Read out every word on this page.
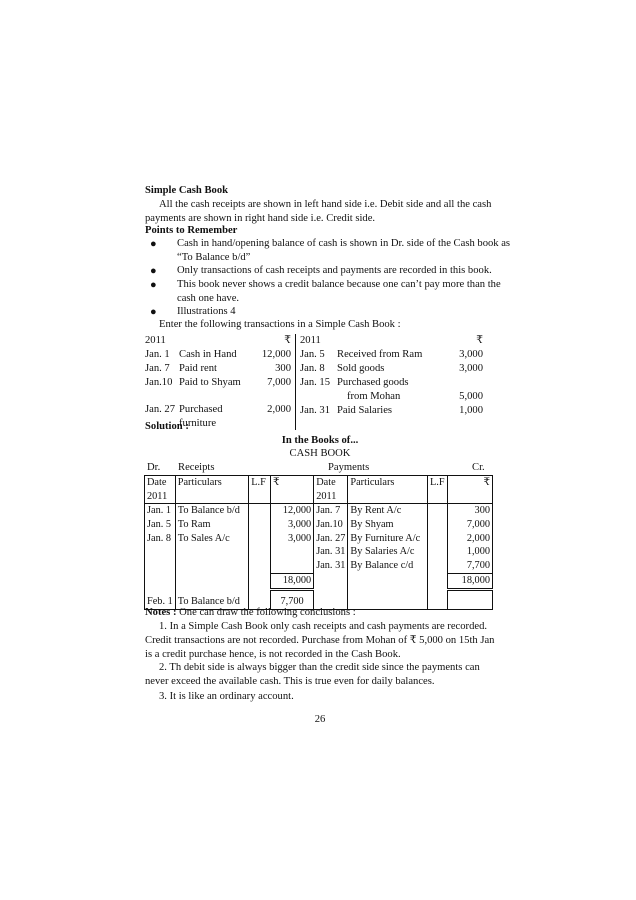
Simple Cash Book
All the cash receipts are shown in left hand side i.e. Debit side and all the cash payments are shown in right hand side i.e. Credit side.
Points to Remember
● Cash in hand/opening balance of cash is shown in Dr. side of the Cash book as “To Balance b/d”
● Only transactions of cash receipts and payments are recorded in this book.
● This book never shows a credit balance because one can’t pay more than the cash one have.
● Illustrations 4
Enter the following transactions in a Simple Cash Book :
2011		₹
Jan. 1	Cash in Hand	12,000
Jan. 7	Paid rent	300
Jan.10	Paid to Shyam	7,000

Jan. 27	Purchased	2,000
	furniture	
2011		₹
Jan. 5	Received from Ram	3,000
Jan. 8	Sold goods	3,000
Jan. 15	Purchased goods	
	from Mohan	5,000
Jan. 31	Paid Salaries	1,000
Solution :
In the Books of...
CASH BOOK
Dr. Receipts	Payments	Cr.
Date	Particulars	L.F	₹	Date	Particulars	L.F	₹
2011				2011			
Jan. 1	To Balance b/d		12,000	Jan. 7	By Rent A/c		300
Jan. 5	To Ram		3,000	Jan.10	By Shyam		7,000
Jan. 8	To Sales A/c		3,000	Jan. 27	By Furniture A/c		2,000
				Jan. 31	By Salaries A/c		1,000
				Jan. 31	By Balance c/d		7,700
			18,000				18,000

Feb. 1	To Balance b/d		7,700				
Notes : One can draw the following conclusions :
1. In a Simple Cash Book only cash receipts and cash payments are recorded. Credit transactions are not recorded. Purchase from Mohan of ₹ 5,000 on 15th Jan is a credit purchase hence, is not recorded in the Cash Book.
2. Th debit side is always bigger than the credit side since the payments can never exceed the available cash. This is true even for daily balances.
3. It is like an ordinary account.
26
